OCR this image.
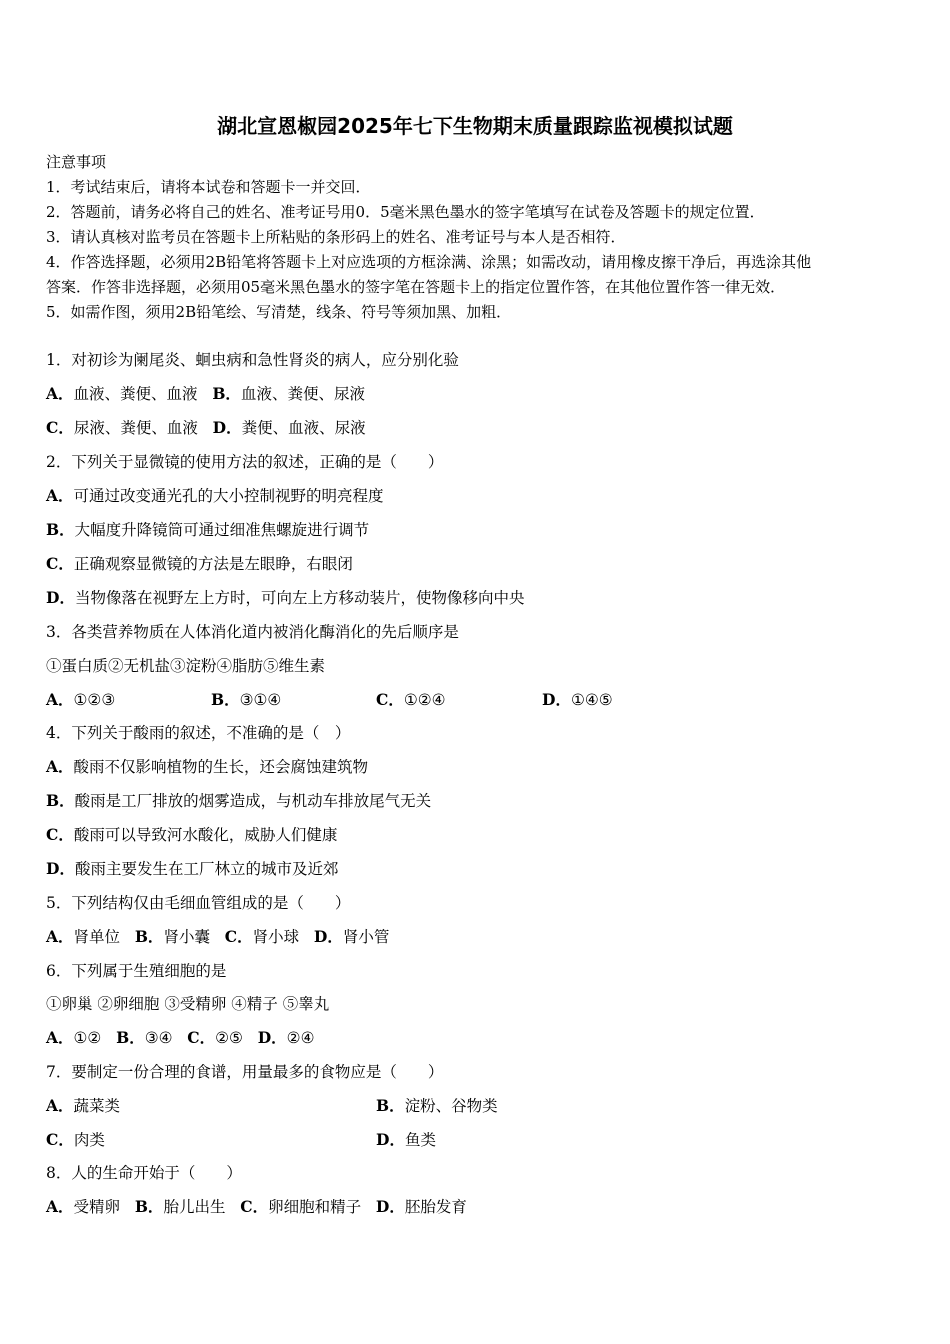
湖北宣恩椒园2025年七下生物期末质量跟踪监视模拟试题
注意事项
1．考试结束后，请将本试卷和答题卡一并交回．
2．答题前，请务必将自己的姓名、准考证号用0．5毫米黑色墨水的签字笔填写在试卷及答题卡的规定位置．
3．请认真核对监考员在答题卡上所粘贴的条形码上的姓名、准考证号与本人是否相符．
4．作答选择题，必须用2B铅笔将答题卡上对应选项的方框涂满、涂黑；如需改动，请用橡皮擦干净后，再选涂其他
答案．作答非选择题，必须用05毫米黑色墨水的签字笔在答题卡上的指定位置作答，在其他位置作答一律无效．
5．如需作图，须用2B铅笔绘、写清楚，线条、符号等须加黑、加粗．
1．对初诊为阑尾炎、蛔虫病和急性肾炎的病人，应分别化验
A．血液、粪便、血液 B．血液、粪便、尿液
C．尿液、粪便、血液 D．粪便、血液、尿液
2．下列关于显微镜的使用方法的叙述，正确的是（　　）
A．可通过改变通光孔的大小控制视野的明亮程度
B．大幅度升降镜筒可通过细准焦螺旋进行调节
C．正确观察显微镜的方法是左眼睁，右眼闭
D．当物像落在视野左上方时，可向左上方移动装片，使物像移向中央
3．各类营养物质在人体消化道内被消化酶消化的先后顺序是
①蛋白质②无机盐③淀粉④脂肪⑤维生素
A．①②③	B．③①④	C．①②④	D．①④⑤
4．下列关于酸雨的叙述，不准确的是（　）
A．酸雨不仅影响植物的生长，还会腐蚀建筑物
B．酸雨是工厂排放的烟雾造成，与机动车排放尾气无关
C．酸雨可以导致河水酸化，威胁人们健康
D．酸雨主要发生在工厂林立的城市及近郊
5．下列结构仅由毛细血管组成的是（　　）
A．肾单位 B．肾小囊 C．肾小球 D．肾小管
6．下列属于生殖细胞的是
①卵巢 ②卵细胞 ③受精卵 ④精子 ⑤睾丸
A．①② B．③④ C．②⑤ D．②④
7．要制定一份合理的食谱，用量最多的食物应是（　　）
A．蔬菜类	B．淀粉、谷物类
C．肉类	D．鱼类
8．人的生命开始于（　　）
A．受精卵 B．胎儿出生 C．卵细胞和精子 D．胚胎发育
